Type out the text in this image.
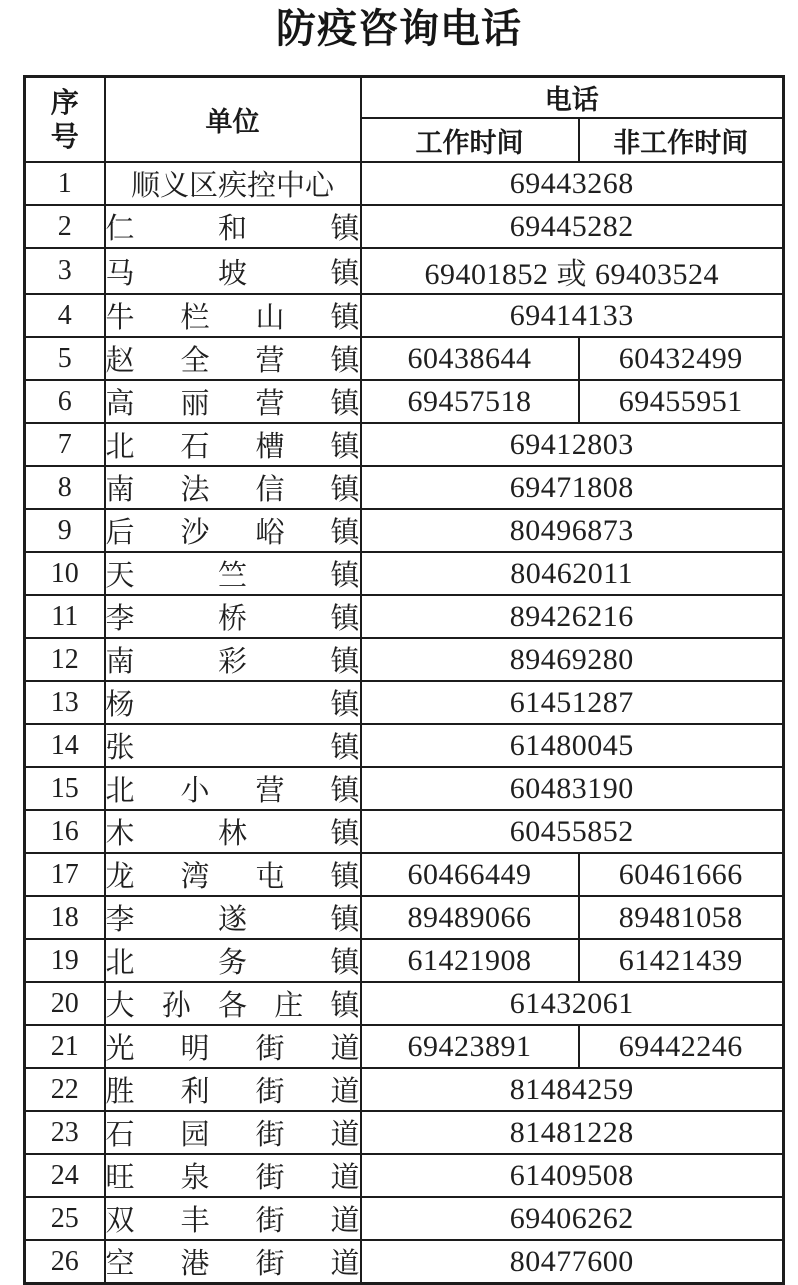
防疫咨询电话
序号	单位	电话	
		工作时间	非工作时间
1	顺义区疾控中心	69443268	
2	仁 和 镇	69445282	
3	马 坡 镇	69401852 或 69403524	
4	牛 栏 山 镇	69414133	
5	赵 全 营 镇	60438644	60432499
6	高 丽 营 镇	69457518	69455951
7	北 石 槽 镇	69412803	
8	南 法 信 镇	69471808	
9	后 沙 峪 镇	80496873	
10	天 竺 镇	80462011	
11	李 桥 镇	89426216	
12	南 彩 镇	89469280	
13	杨 镇	61451287	
14	张 镇	61480045	
15	北 小 营 镇	60483190	
16	木 林 镇	60455852	
17	龙 湾 屯 镇	60466449	60461666
18	李 遂 镇	89489066	89481058
19	北 务 镇	61421908	61421439
20	大 孙 各 庄 镇	61432061	
21	光 明 街 道	69423891	69442246
22	胜 利 街 道	81484259	
23	石 园 街 道	81481228	
24	旺 泉 街 道	61409508	
25	双 丰 街 道	69406262	
26	空 港 街 道	80477600	
